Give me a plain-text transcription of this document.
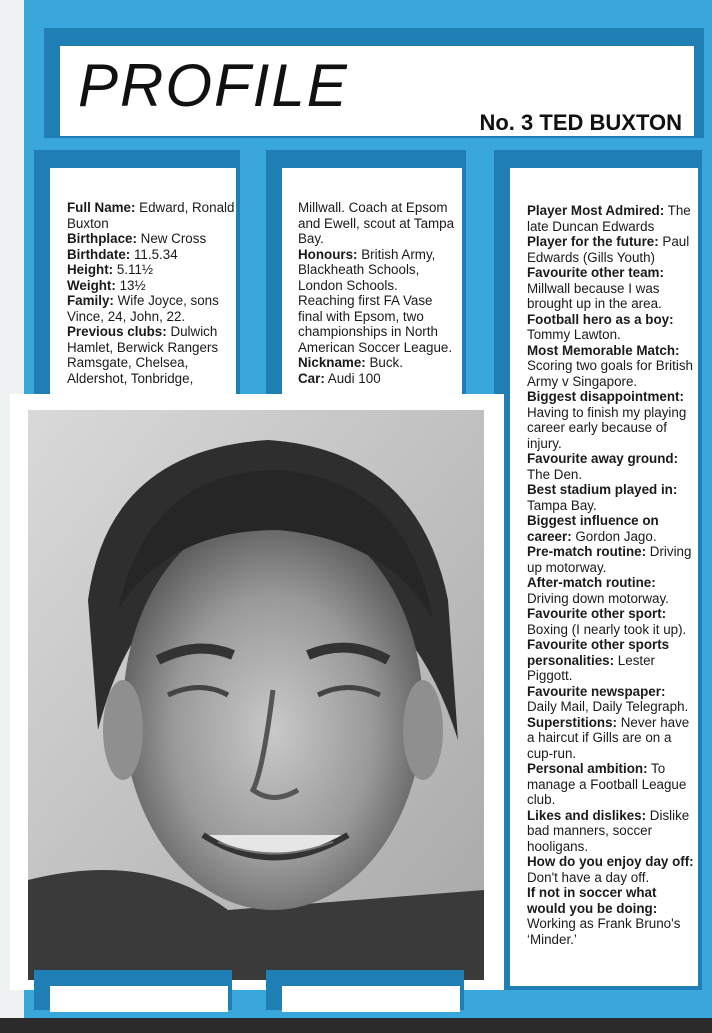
PROFILE
No. 3 TED BUXTON

Full Name: Edward, Ronald Buxton

Birthplace: New Cross

Birthdate: 11.5.34

Height: 5.11½

Weight: 13½

Family: Wife Joyce, sons Vince, 24, John, 22.

Previous clubs: Dulwich Hamlet, Berwick Rangers Ramsgate, Chelsea, Aldershot, Tonbridge,

Millwall. Coach at Epsom and Ewell, scout at Tampa Bay.

Honours: British Army, Blackheath Schools, London Schools. Reaching first FA Vase final with Epsom, two championships in North American Soccer League.

Nickname: Buck.

Car: Audi 100

Player Most Admired: The late Duncan Edwards

Player for the future: Paul Edwards (Gills Youth)

Favourite other team: Millwall because I was brought up in the area.

Football hero as a boy: Tommy Lawton.

Most Memorable Match: Scoring two goals for British Army v Singapore.

Biggest disappointment: Having to finish my playing career early because of injury.

Favourite away ground: The Den.

Best stadium played in: Tampa Bay.

Biggest influence on career: Gordon Jago.

Pre-match routine: Driving up motorway.

After-match routine: Driving down motorway.

Favourite other sport: Boxing (I nearly took it up).

Favourite other sports personalities: Lester Piggott.

Favourite newspaper: Daily Mail, Daily Telegraph.

Superstitions: Never have a haircut if Gills are on a cup-run.

Personal ambition: To manage a Football League club.

Likes and dislikes: Dislike bad manners, soccer hooligans.

How do you enjoy day off: Don't have a day off.

If not in soccer what would you be doing: Working as Frank Bruno's ‘Minder.’
